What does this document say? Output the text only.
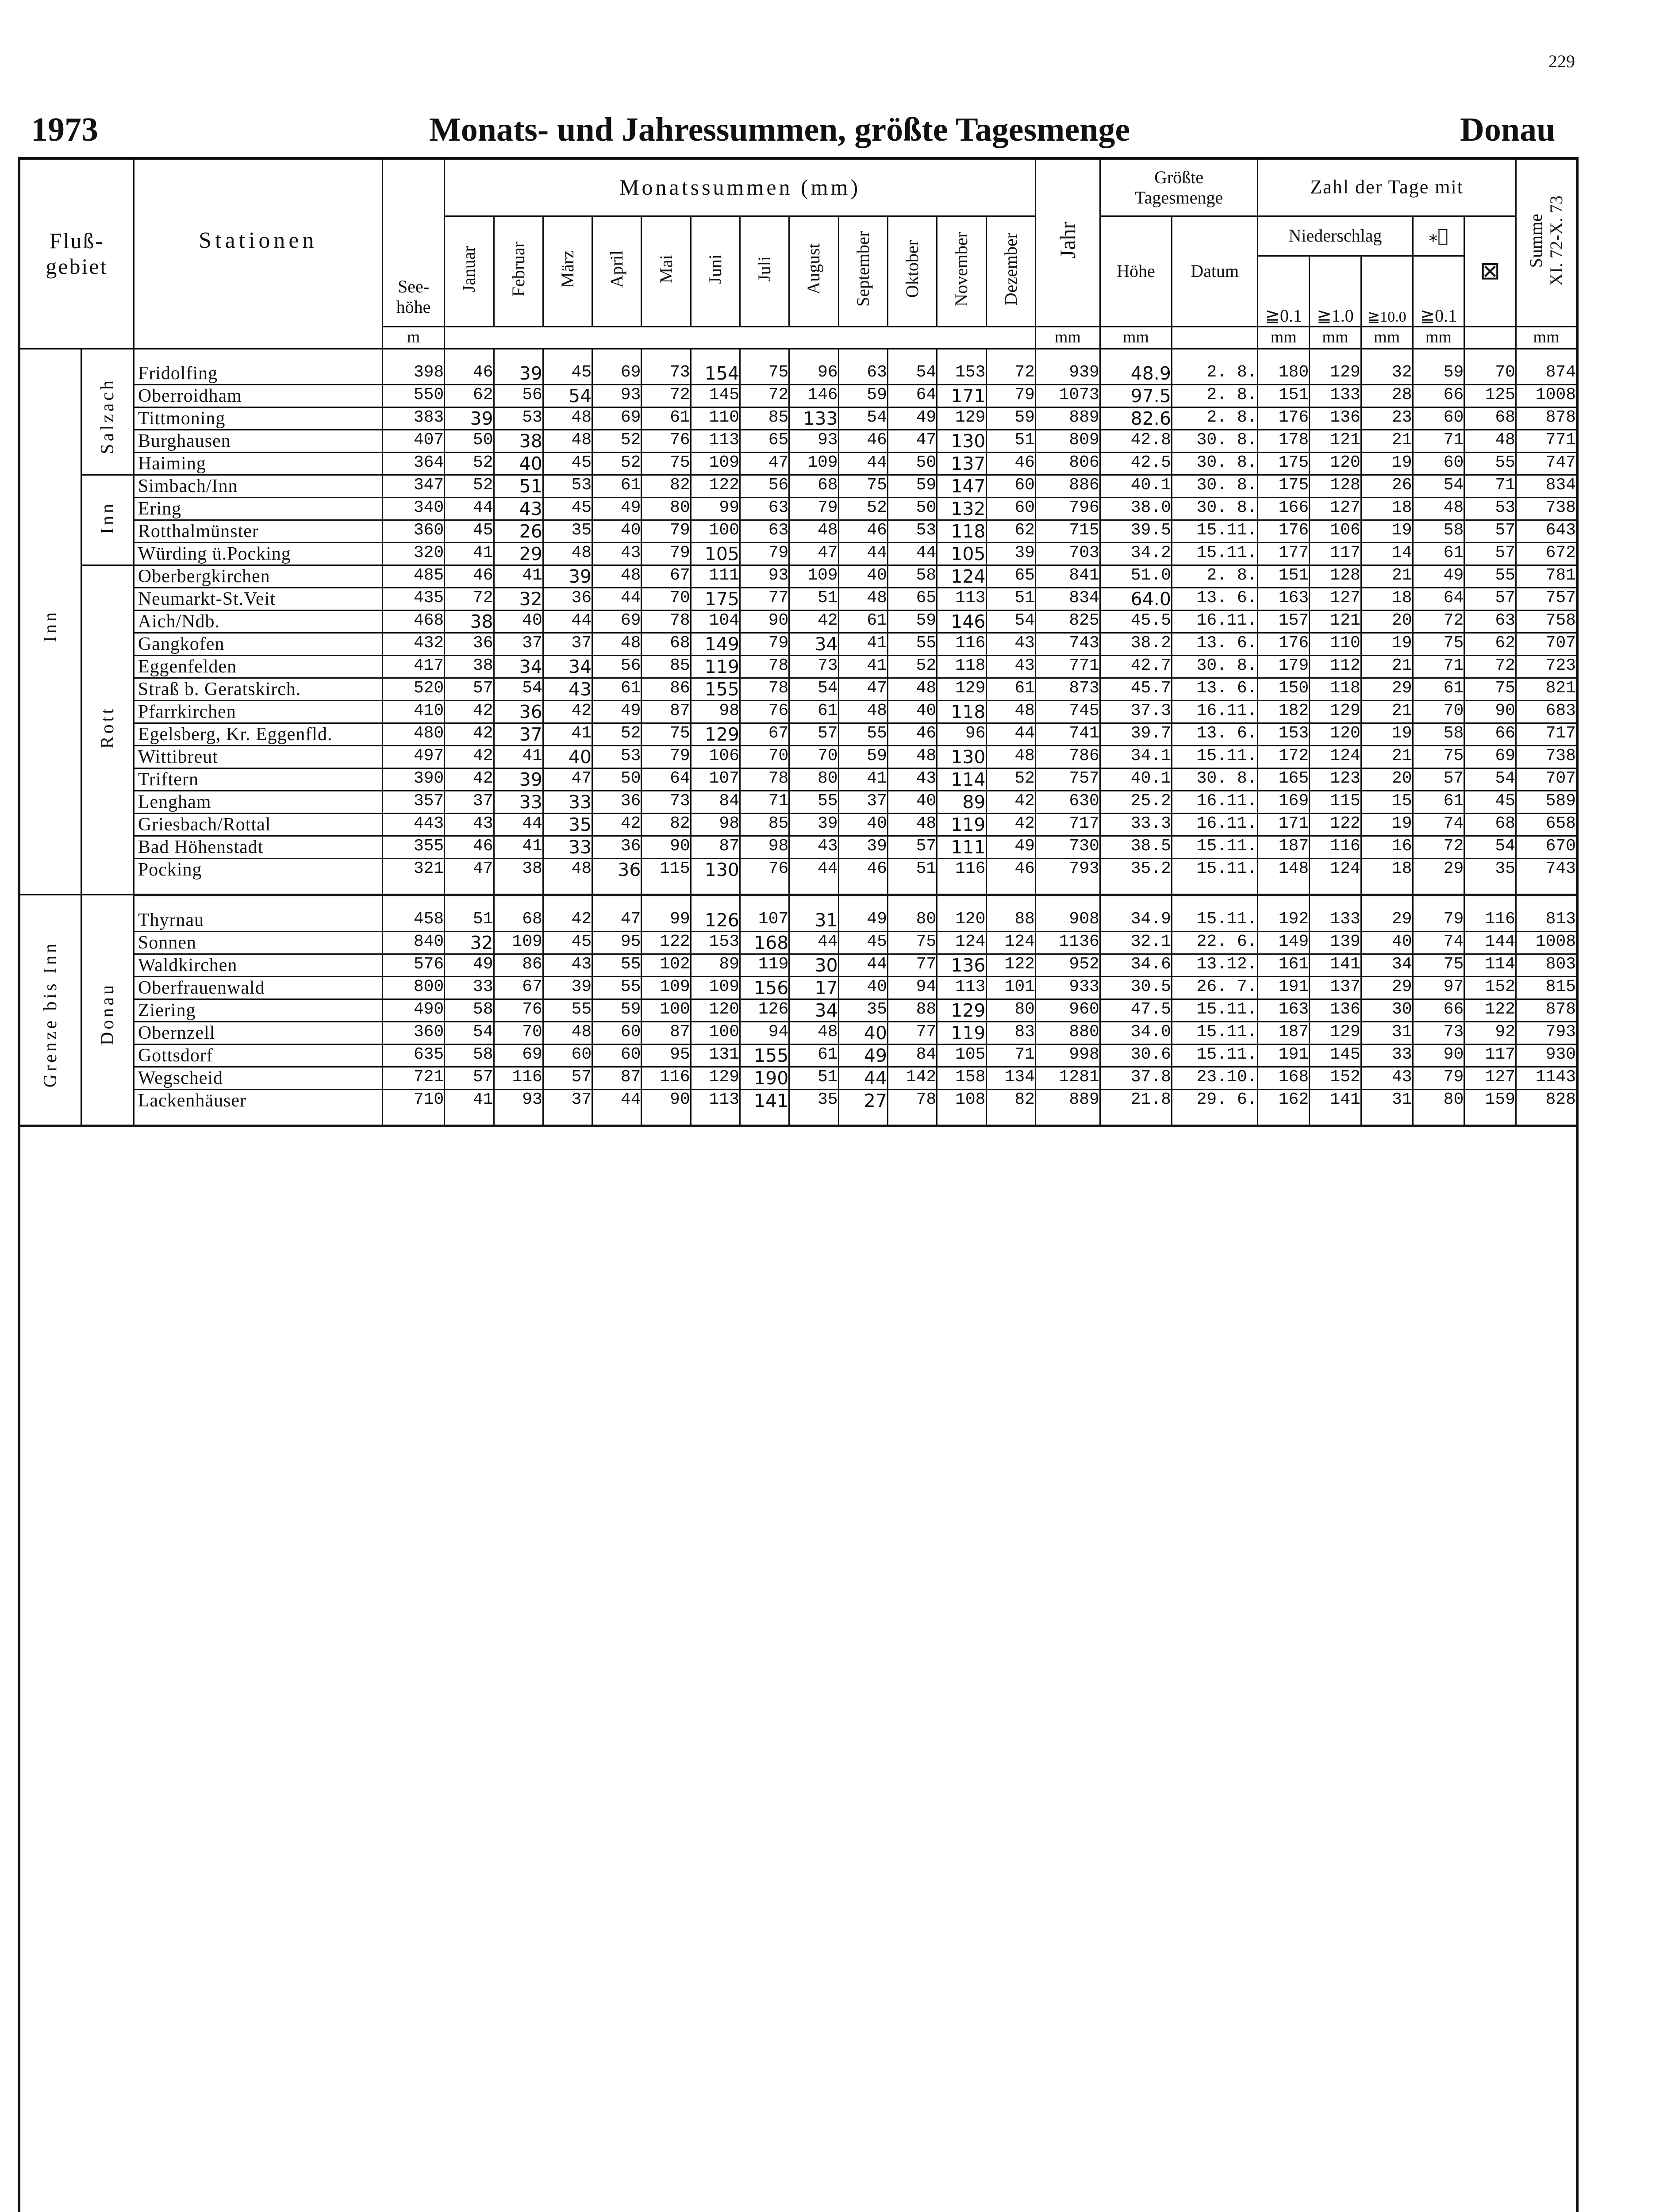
229
1973	Monats- und Jahressummen, größte Tagesmenge	Donau
Fluß-
gebiet		Stationen	See-
höhe	Monatssummen (mm)												Jahr	Größte
Tagesmenge		Zahl der Tage mit					Summe
XI. 72-X. 73
				Januar	Februar	März	April	Mai	Juni	Juli	August	September	Oktober	November	Dezember		Höhe	Datum	Niederschlag			⁎⃝	⊠	
																			≧0.1	≧1.0	≧10.0	≧0.1		
			m													mm	mm		mm	mm	mm	mm		mm
Inn	Salzach	Fridolfing	398	46	39	45	69	73	154	75	96	63	54	153	72	939	48.9	2. 8.	180	129	32	59	70	874
		Oberroidham	550	62	56	54	93	72	145	72	146	59	64	171	79	1073	97.5	2. 8.	151	133	28	66	125	1008
		Tittmoning	383	39	53	48	69	61	110	85	133	54	49	129	59	889	82.6	2. 8.	176	136	23	60	68	878
		Burghausen	407	50	38	48	52	76	113	65	93	46	47	130	51	809	42.8	30. 8.	178	121	21	71	48	771
		Haiming	364	52	40	45	52	75	109	47	109	44	50	137	46	806	42.5	30. 8.	175	120	19	60	55	747
	Inn	Simbach/Inn	347	52	51	53	61	82	122	56	68	75	59	147	60	886	40.1	30. 8.	175	128	26	54	71	834
		Ering	340	44	43	45	49	80	99	63	79	52	50	132	60	796	38.0	30. 8.	166	127	18	48	53	738
		Rotthalmünster	360	45	26	35	40	79	100	63	48	46	53	118	62	715	39.5	15.11.	176	106	19	58	57	643
		Würding ü.Pocking	320	41	29	48	43	79	105	79	47	44	44	105	39	703	34.2	15.11.	177	117	14	61	57	672
	Rott	Oberbergkirchen	485	46	41	39	48	67	111	93	109	40	58	124	65	841	51.0	2. 8.	151	128	21	49	55	781
		Neumarkt-St.Veit	435	72	32	36	44	70	175	77	51	48	65	113	51	834	64.0	13. 6.	163	127	18	64	57	757
		Aich/Ndb.	468	38	40	44	69	78	104	90	42	61	59	146	54	825	45.5	16.11.	157	121	20	72	63	758
		Gangkofen	432	36	37	37	48	68	149	79	34	41	55	116	43	743	38.2	13. 6.	176	110	19	75	62	707
		Eggenfelden	417	38	34	34	56	85	119	78	73	41	52	118	43	771	42.7	30. 8.	179	112	21	71	72	723
		Straß b. Geratskirch.	520	57	54	43	61	86	155	78	54	47	48	129	61	873	45.7	13. 6.	150	118	29	61	75	821
		Pfarrkirchen	410	42	36	42	49	87	98	76	61	48	40	118	48	745	37.3	16.11.	182	129	21	70	90	683
		Egelsberg, Kr. Eggenfld.	480	42	37	41	52	75	129	67	57	55	46	96	44	741	39.7	13. 6.	153	120	19	58	66	717
		Wittibreut	497	42	41	40	53	79	106	70	70	59	48	130	48	786	34.1	15.11.	172	124	21	75	69	738
		Triftern	390	42	39	47	50	64	107	78	80	41	43	114	52	757	40.1	30. 8.	165	123	20	57	54	707
		Lengham	357	37	33	33	36	73	84	71	55	37	40	89	42	630	25.2	16.11.	169	115	15	61	45	589
		Griesbach/Rottal	443	43	44	35	42	82	98	85	39	40	48	119	42	717	33.3	16.11.	171	122	19	74	68	658
		Bad Höhenstadt	355	46	41	33	36	90	87	98	43	39	57	111	49	730	38.5	15.11.	187	116	16	72	54	670
		Pocking	321	47	38	48	36	115	130	76	44	46	51	116	46	793	35.2	15.11.	148	124	18	29	35	743
Grenze bis Inn	Donau	Thyrnau	458	51	68	42	47	99	126	107	31	49	80	120	88	908	34.9	15.11.	192	133	29	79	116	813
		Sonnen	840	32	109	45	95	122	153	168	44	45	75	124	124	1136	32.1	22. 6.	149	139	40	74	144	1008
		Waldkirchen	576	49	86	43	55	102	89	119	30	44	77	136	122	952	34.6	13.12.	161	141	34	75	114	803
		Oberfrauenwald	800	33	67	39	55	109	109	156	17	40	94	113	101	933	30.5	26. 7.	191	137	29	97	152	815
		Ziering	490	58	76	55	59	100	120	126	34	35	88	129	80	960	47.5	15.11.	163	136	30	66	122	878
		Obernzell	360	54	70	48	60	87	100	94	48	40	77	119	83	880	34.0	15.11.	187	129	31	73	92	793
		Gottsdorf	635	58	69	60	60	95	131	155	61	49	84	105	71	998	30.6	15.11.	191	145	33	90	117	930
		Wegscheid	721	57	116	57	87	116	129	190	51	44	142	158	134	1281	37.8	23.10.	168	152	43	79	127	1143
		Lackenhäuser	710	41	93	37	44	90	113	141	35	27	78	108	82	889	21.8	29. 6.	162	141	31	80	159	828
